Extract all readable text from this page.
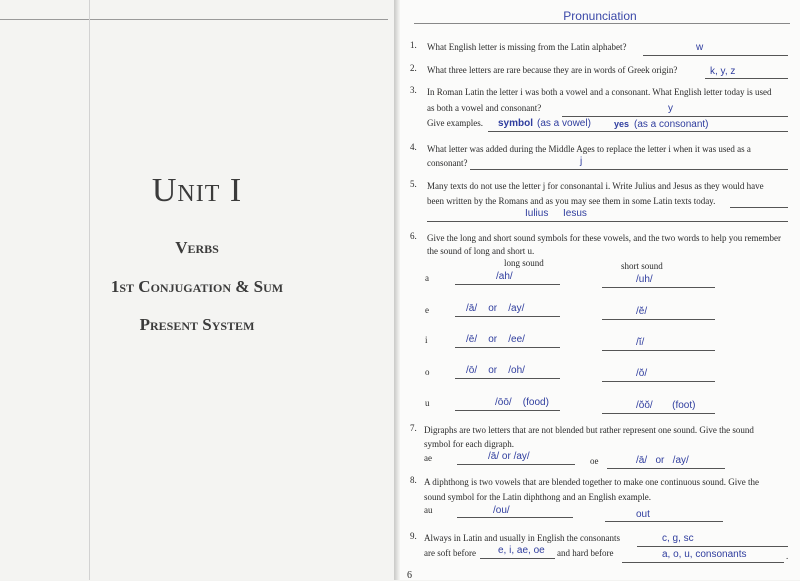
Unit I
Verbs
1st Conjugation & Sum
Present System
Pronunciation
1. What English letter is missing from the Latin alphabet?	w
2. What three letters are rare because they are in words of Greek origin?	k, y, z
3. In Roman Latin the letter i was both a vowel and a consonant. What English letter today is used
as both a vowel and consonant?	y
Give examples. symbol (as a vowel)	yes (as a consonant)
4. What letter was added during the Middle Ages to replace the letter i when it was used as a
consonant?	j
5. Many texts do not use the letter j for consonantal i. Write Julius and Jesus as they would have
been written by the Romans and as you may see them in some Latin texts today.
Iulius Iesus
6. Give the long and short sound symbols for these vowels, and the two words to help you remember
the sound of long and short u.
long sound	short sound
a	/ah/	/uh/
e	/ā/    or    /ay/	/ĕ/
i	/ē/    or    /ee/	/ĭ/
o	/ō/    or    /oh/	/ŏ/
u	/ōō/    (food)	/ŏŏ/       (foot)
7. Digraphs are two letters that are not blended but rather represent one sound. Give the sound
symbol for each digraph.
ae	/ā/ or /ay/	oe	/ā/   or   /ay/
8. A diphthong is two vowels that are blended together to make one continuous sound. Give the
sound symbol for the Latin diphthong and an English example.
au	/ou/	out
9. Always in Latin and usually in English the consonants	c, g, sc
are soft before e, i, ae, oe and hard before	a, o, u, consonants	.
6
